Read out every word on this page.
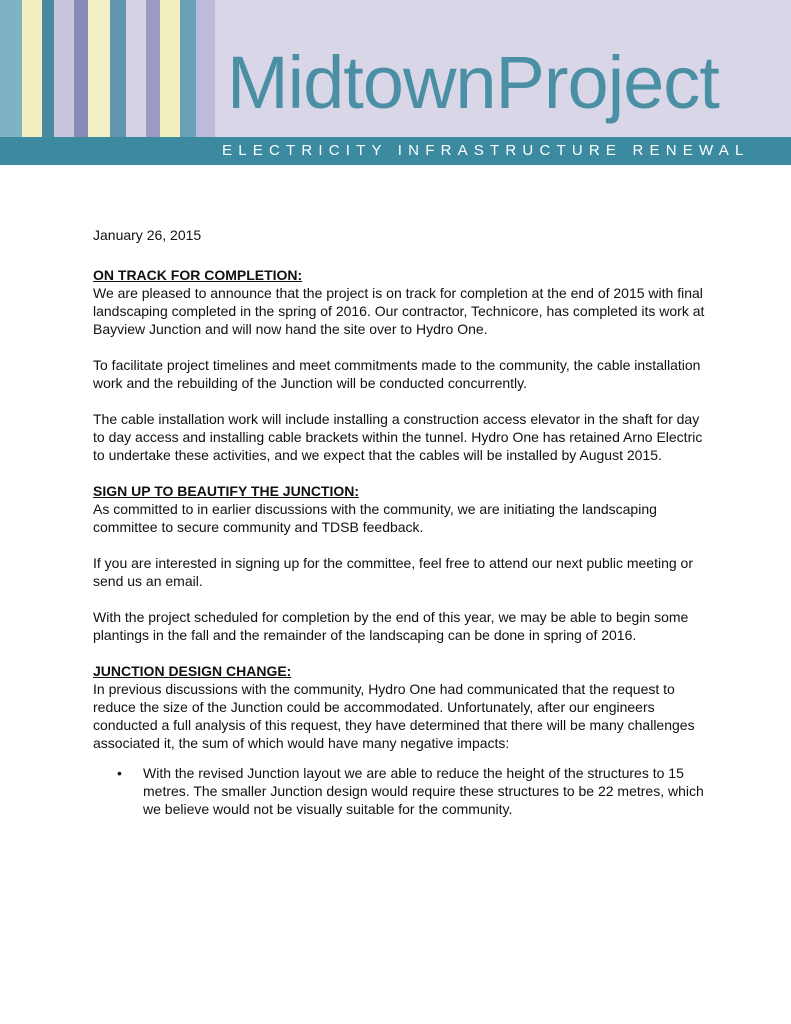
MidtownProject
ELECTRICITY INFRASTRUCTURE RENEWAL

January 26, 2015

ON TRACK FOR COMPLETION:

We are pleased to announce that the project is on track for completion at the end of 2015 with final landscaping completed in the spring of 2016. Our contractor, Technicore, has completed its work at Bayview Junction and will now hand the site over to Hydro One.

To facilitate project timelines and meet commitments made to the community, the cable installation work and the rebuilding of the Junction will be conducted concurrently.

The cable installation work will include installing a construction access elevator in the shaft for day to day access and installing cable brackets within the tunnel. Hydro One has retained Arno Electric to undertake these activities, and we expect that the cables will be installed by August 2015.

SIGN UP TO BEAUTIFY THE JUNCTION:

As committed to in earlier discussions with the community, we are initiating the landscaping committee to secure community and TDSB feedback.

If you are interested in signing up for the committee, feel free to attend our next public meeting or send us an email.

With the project scheduled for completion by the end of this year, we may be able to begin some plantings in the fall and the remainder of the landscaping can be done in spring of 2016.

JUNCTION DESIGN CHANGE:

In previous discussions with the community, Hydro One had communicated that the request to reduce the size of the Junction could be accommodated. Unfortunately, after our engineers conducted a full analysis of this request, they have determined that there will be many challenges associated it, the sum of which would have many negative impacts:

• With the revised Junction layout we are able to reduce the height of the structures to 15 metres. The smaller Junction design would require these structures to be 22 metres, which we believe would not be visually suitable for the community.
